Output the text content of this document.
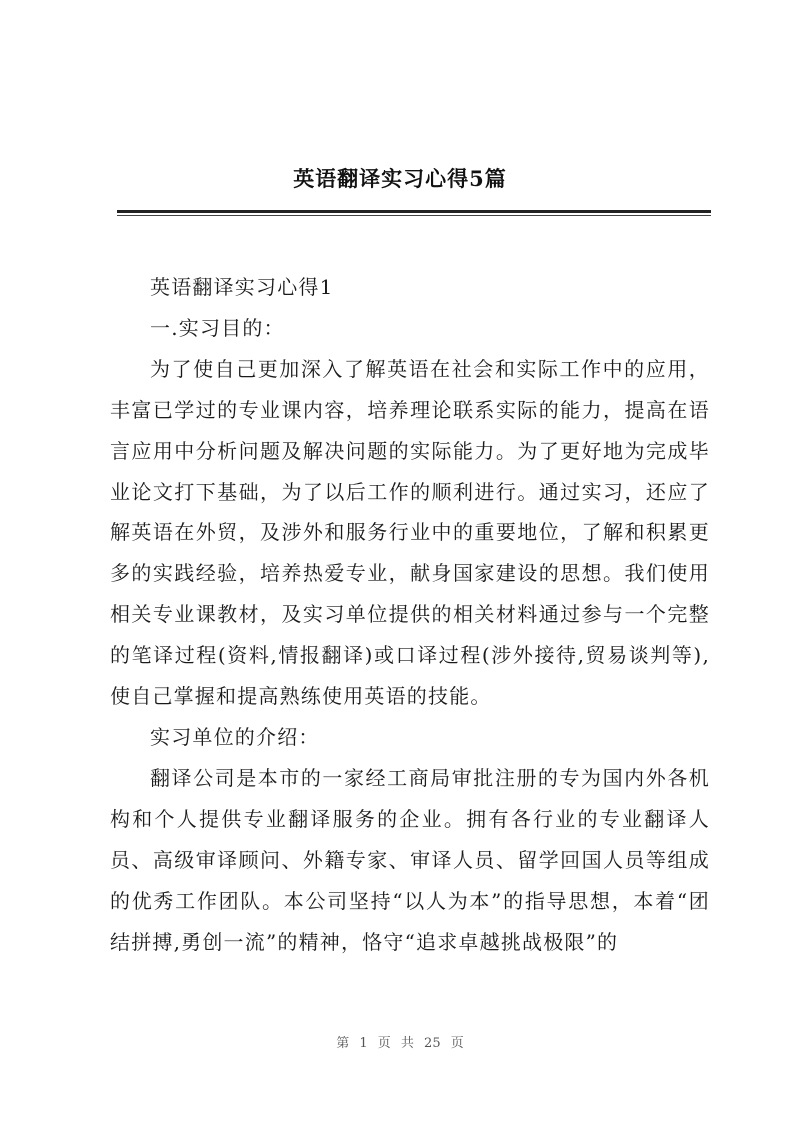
英语翻译实习心得5篇

英语翻译实习心得1

一.实习目的：

为了使自己更加深入了解英语在社会和实际工作中的应用，丰富已学过的专业课内容，培养理论联系实际的能力，提高在语言应用中分析问题及解决问题的实际能力。为了更好地为完成毕业论文打下基础，为了以后工作的顺利进行。通过实习，还应了解英语在外贸，及涉外和服务行业中的重要地位，了解和积累更多的实践经验，培养热爱专业，献身国家建设的思想。我们使用相关专业课教材，及实习单位提供的相关材料通过参与一个完整的笔译过程(资料,情报翻译)或口译过程(涉外接待,贸易谈判等),使自己掌握和提高熟练使用英语的技能。

实习单位的介绍：

翻译公司是本市的一家经工商局审批注册的专为国内外各机构和个人提供专业翻译服务的企业。拥有各行业的专业翻译人员、高级审译顾问、外籍专家、审译人员、留学回国人员等组成的优秀工作团队。本公司坚持“以人为本”的指导思想，本着“团结拼搏,勇创一流”的精神，恪守“追求卓越挑战极限”的

第 1 页 共 25 页
